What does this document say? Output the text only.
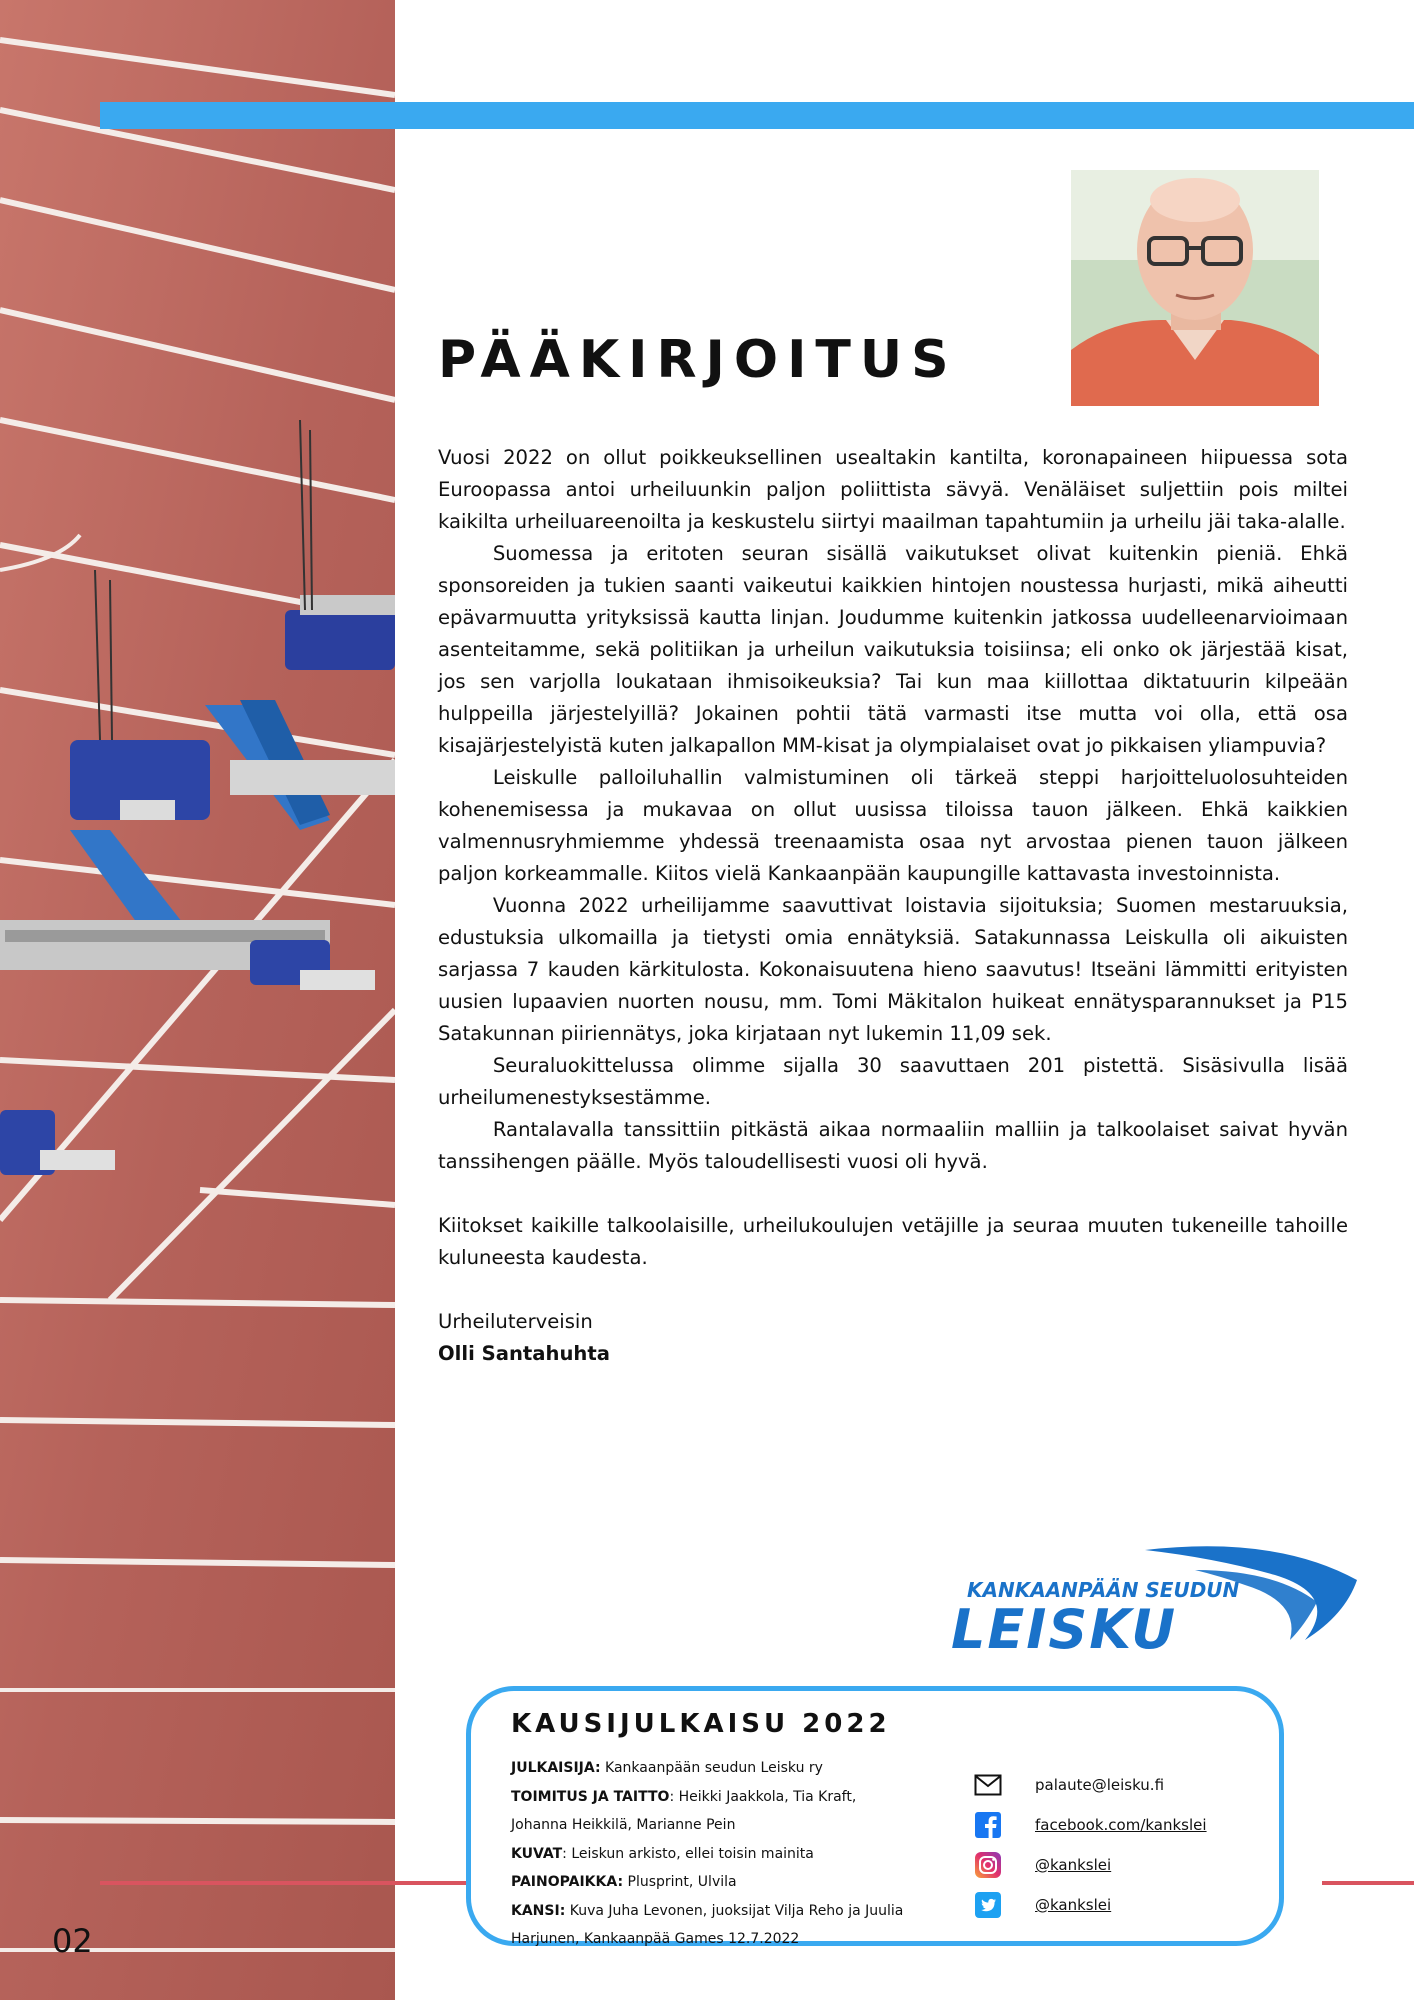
PÄÄKIRJOITUS

Vuosi 2022 on ollut poikkeuksellinen usealtakin kantilta, koronapaineen hiipuessa sota Euroopassa antoi urheiluunkin paljon poliittista sävyä. Venäläiset suljettiin pois miltei kaikilta urheiluareenoilta ja keskustelu siirtyi maailman tapahtumiin ja urheilu jäi taka-alalle.

Suomessa ja eritoten seuran sisällä vaikutukset olivat kuitenkin pieniä. Ehkä sponsoreiden ja tukien saanti vaikeutui kaikkien hintojen noustessa hurjasti, mikä aiheutti epävarmuutta yrityksissä kautta linjan. Joudumme kuitenkin jatkossa uudelleenarvioimaan asenteitamme, sekä politiikan ja urheilun vaikutuksia toisiinsa; eli onko ok järjestää kisat, jos sen varjolla loukataan ihmisoikeuksia? Tai kun maa kiillottaa diktatuurin kilpeään hulppeilla järjestelyillä? Jokainen pohtii tätä varmasti itse mutta voi olla, että osa kisajärjestelyistä kuten jalkapallon MM-kisat ja olympialaiset ovat jo pikkaisen yliampuvia?

Leiskulle palloiluhallin valmistuminen oli tärkeä steppi harjoitteluolosuhteiden kohenemisessa ja mukavaa on ollut uusissa tiloissa tauon jälkeen. Ehkä kaikkien valmennusryhmiemme yhdessä treenaamista osaa nyt arvostaa pienen tauon jälkeen paljon korkeammalle. Kiitos vielä Kankaanpään kaupungille kattavasta investoinnista.

Vuonna 2022 urheilijamme saavuttivat loistavia sijoituksia; Suomen mestaruuksia, edustuksia ulkomailla ja tietysti omia ennätyksiä. Satakunnassa Leiskulla oli aikuisten sarjassa 7 kauden kärkitulosta. Kokonaisuutena hieno saavutus! Itseäni lämmitti erityisten uusien lupaavien nuorten nousu, mm. Tomi Mäkitalon huikeat ennätysparannukset ja P15 Satakunnan piiriennätys, joka kirjataan nyt lukemin 11,09 sek.

Seuraluokittelussa olimme sijalla 30 saavuttaen 201 pistettä. Sisäsivulla lisää urheilumenestyksestämme.

Rantalavalla tanssittiin pitkästä aikaa normaaliin malliin ja talkoolaiset saivat hyvän tanssihengen päälle. Myös taloudellisesti vuosi oli hyvä.

Kiitokset kaikille talkoolaisille, urheilukoulujen vetäjille ja seuraa muuten tukeneille tahoille kuluneesta kaudesta.

Urheiluterveisin

Olli Santahuhta

KANKAANPÄÄN SEUDUN
LEISKU
KAUSIJULKAISU 2022
JULKAISIJA: Kankaanpään seudun Leisku ry
TOIMITUS JA TAITTO: Heikki Jaakkola, Tia Kraft, Johanna Heikkilä, Marianne Pein
KUVAT: Leiskun arkisto, ellei toisin mainita
PAINOPAIKKA: Plusprint, Ulvila
KANSI: Kuva Juha Levonen, juoksijat Vilja Reho ja Juulia Harjunen, Kankaanpää Games 12.7.2022
palaute@leisku.fi
facebook.com/kankslei
@kankslei
@kankslei
02
